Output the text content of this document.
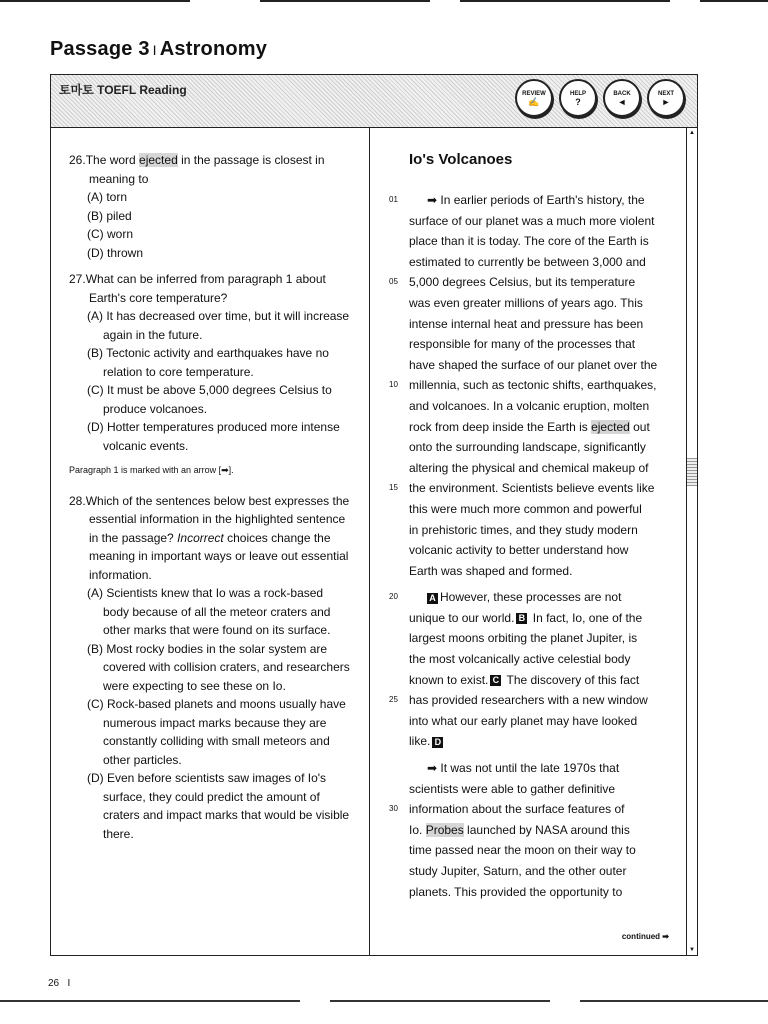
Passage 3 I Astronomy
토마토 TOEFL Reading	REVIEW
✍
HELP
?
BACK
◄
NEXT
►
26.The word ejected in the passage is closest in meaning to
(A) torn
(B) piled
(C) worn
(D) thrown
27.What can be inferred from paragraph 1 about Earth's core temperature?
(A) It has decreased over time, but it will increase again in the future.
(B) Tectonic activity and earthquakes have no relation to core temperature.
(C) It must be above 5,000 degrees Celsius to produce volcanoes.
(D) Hotter temperatures produced more intense volcanic events.
Paragraph 1 is marked with an arrow [➡].
28.Which of the sentences below best expresses the essential information in the highlighted sentence in the passage? Incorrect choices change the meaning in important ways or leave out essential information.
(A) Scientists knew that Io was a rock-based body because of all the meteor craters and other marks that were found on its surface.
(B) Most rocky bodies in the solar system are covered with collision craters, and researchers were expecting to see these on Io.
(C) Rock-based planets and moons usually have numerous impact marks because they are constantly colliding with small meteors and other particles.
(D) Even before scientists saw images of Io's surface, they could predict the amount of craters and impact marks that would be visible there.
Io's Volcanoes
01	➡ In earlier periods of Earth's history, the
surface of our planet was a much more violent
place than it is today. The core of the Earth is
estimated to currently be between 3,000 and
05 5,000 degrees Celsius, but its temperature
was even greater millions of years ago. This
intense internal heat and pressure has been
responsible for many of the processes that
have shaped the surface of our planet over the
10 millennia, such as tectonic shifts, earthquakes,
and volcanoes. In a volcanic eruption, molten
rock from deep inside the Earth is ejected out
onto the surrounding landscape, significantly
altering the physical and chemical makeup of
15 the environment. Scientists believe events like
this were much more common and powerful
in prehistoric times, and they study modern
volcanic activity to better understand how
Earth was shaped and formed.
20	A However, these processes are not
unique to our world. B In fact, Io, one of the
largest moons orbiting the planet Jupiter, is
the most volcanically active celestial body
known to exist. C The discovery of this fact
25 has provided researchers with a new window
into what our early planet may have looked
like. D
➡ It was not until the late 1970s that
scientists were able to gather definitive
30 information about the surface features of
Io. Probes launched by NASA around this
time passed near the moon on their way to
study Jupiter, Saturn, and the other outer
planets. This provided the opportunity to
▲
▼
continued ➡
26 I
